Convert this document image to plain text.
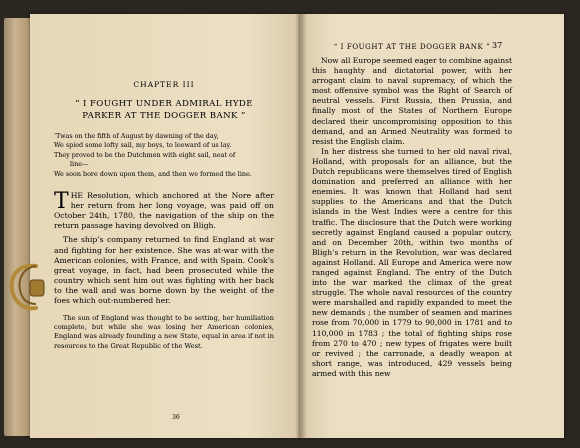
CHAPTER III
“ I FOUGHT UNDER ADMIRAL HYDE PARKER AT THE DOGGER BANK ”
’Twas on the fifth of August by dawning of the day,
We spied some lofty sail, my boys, to leeward of us lay.
They proved to be the Dutchmen with eight sail, neat of
line—
We soon bore down upon them, and then we formed the line.

THE Resolution, which anchored at the Nore after her return from her long voyage, was paid off on October 24th, 1780, the navigation of the ship on the return passage having devolved on Bligh.

The ship’s company returned to find England at war and fighting for her existence. She was at·war with the American colonies, with France, and with Spain. Cook’s great voyage, in fact, had been prosecuted while the country which sent him out was fighting with her back to the wall and was borne down by the weight of the foes which out-numbered her.

The sun of England was thought to be setting, her humiliation complete, but while she was losing her American colonies, England was already founding a new State, equal in area if not in resources to the Great Republic of the West.

36
“ I FOUGHT AT THE DOGGER BANK ” 37

Now all Europe seemed eager to combine against this haughty and dictatorial power, with her arrogant claim to naval supremacy, of which the most offensive symbol was the Right of Search of neutral vessels. First Russia, then Prussia, and finally most of the States of Northern Europe declared their uncompromising opposition to this demand, and an Armed Neutrality was formed to resist the English claim.

In her distress she turned to her old naval rival, Holland, with proposals for an alliance, but the Dutch republicans were themselves tired of English domination and preferred an alliance with her enemies. It was known that Holland had sent supplies to the Americans and that the Dutch islands in the West Indies were a centre for this traffic. The disclosure that the Dutch were working secretly against England caused a popular outcry, and on December 20th, within two months of Bligh’s return in the Revolution, war was declared against Holland. All Europe and America were now ranged against England. The entry of the Dutch into the war marked the climax of the great struggle. The whole naval resources of the country were marshalled and rapidly expanded to meet the new demands ; the number of seamen and marines rose from 70,000 in 1779 to 90,000 in 1781 and to 110,000 in 1783 ; the total of fighting ships rose from 270 to 470 ; new types of frigates were built or revived ; the carronade, a deadly weapon at short range, was introduced, 429 vessels being armed with this new
